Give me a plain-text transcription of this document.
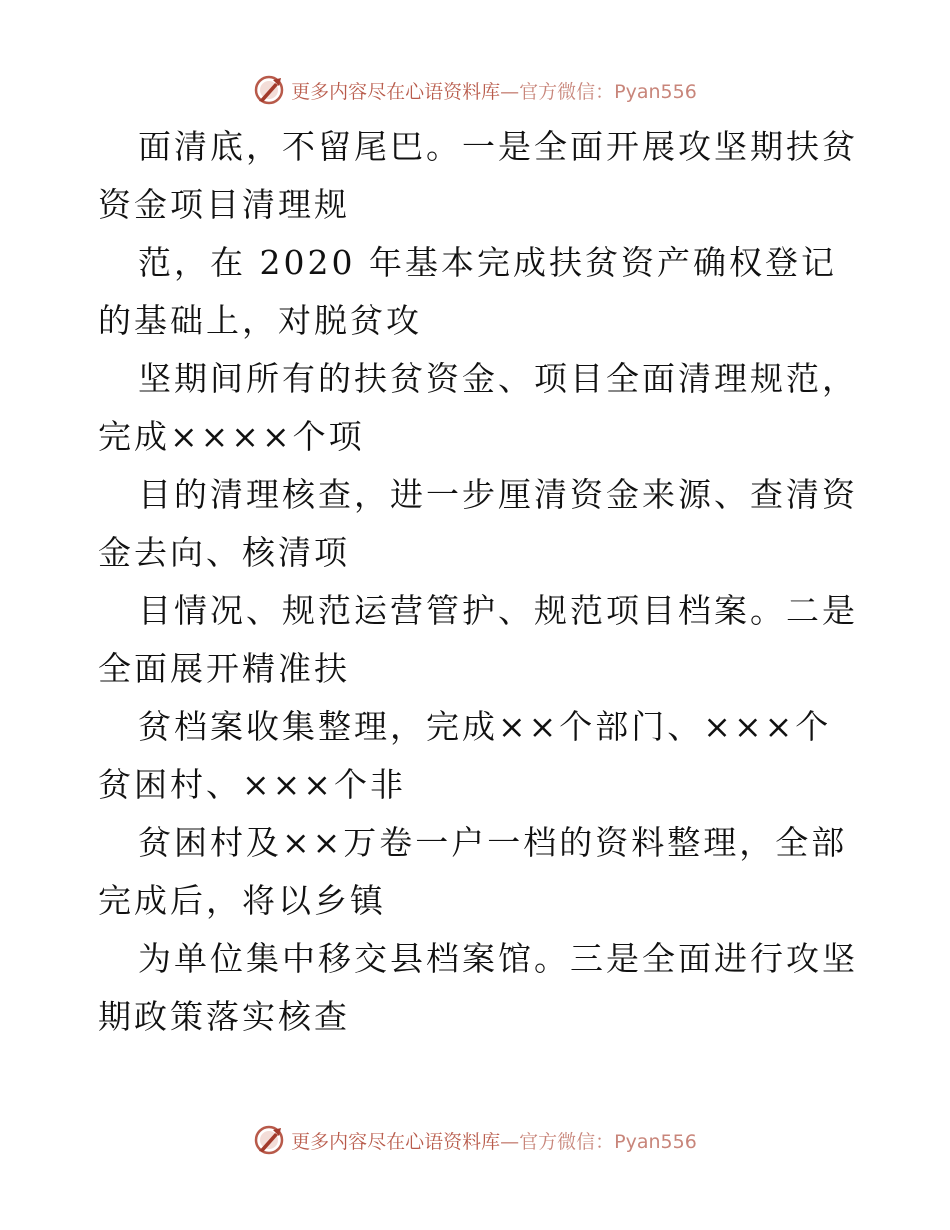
更多内容尽在心语资料库 —官方微信：Pyan556

面清底，不留尾巴。一是全面开展攻坚期扶贫资金项目清理规

范，在 2020 年基本完成扶贫资产确权登记的基础上，对脱贫攻

坚期间所有的扶贫资金、项目全面清理规范，完成××××个项

目的清理核查，进一步厘清资金来源、查清资金去向、核清项

目情况、规范运营管护、规范项目档案。二是全面展开精准扶

贫档案收集整理，完成××个部门、×××个贫困村、×××个非

贫困村及××万卷一户一档的资料整理，全部完成后，将以乡镇

为单位集中移交县档案馆。三是全面进行攻坚期政策落实核查

更多内容尽在心语资料库 —官方微信：Pyan556
